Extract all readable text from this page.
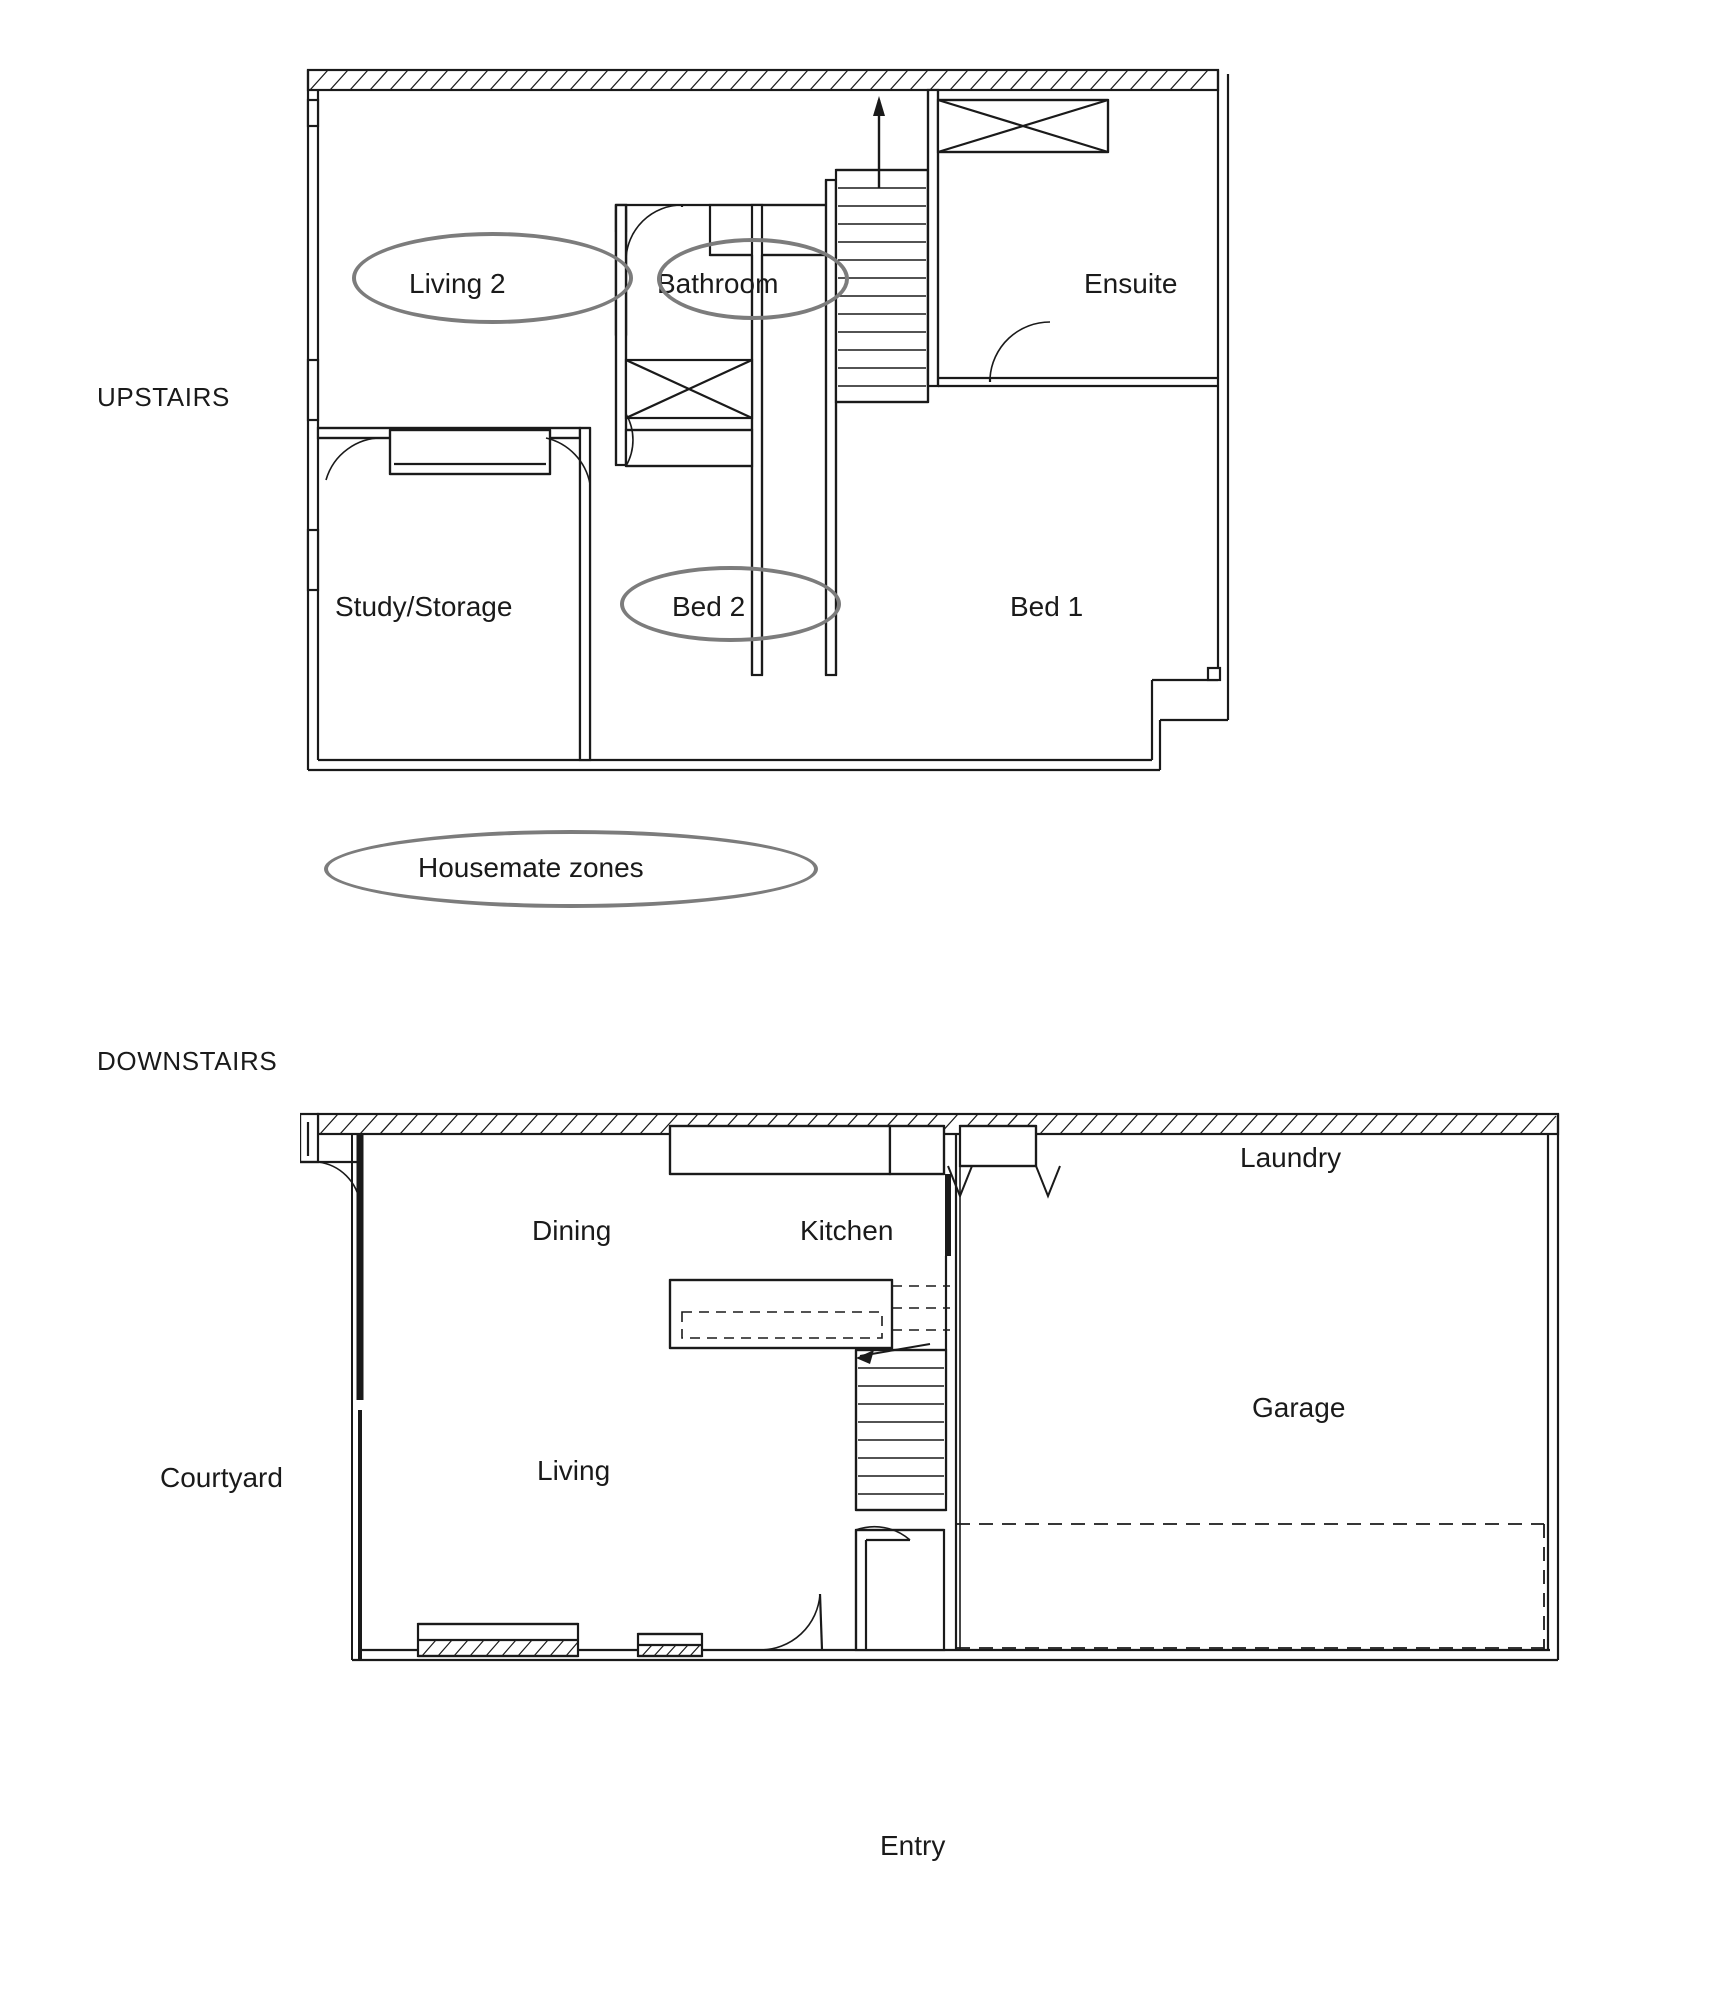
UPSTAIRS
Living 2	Bathroom	Ensuite
Study/Storage	Bed 2	Bed 1
Housemate zones
DOWNSTAIRS
Laundry
Dining	Kitchen
Garage
Living
Courtyard
Entry
